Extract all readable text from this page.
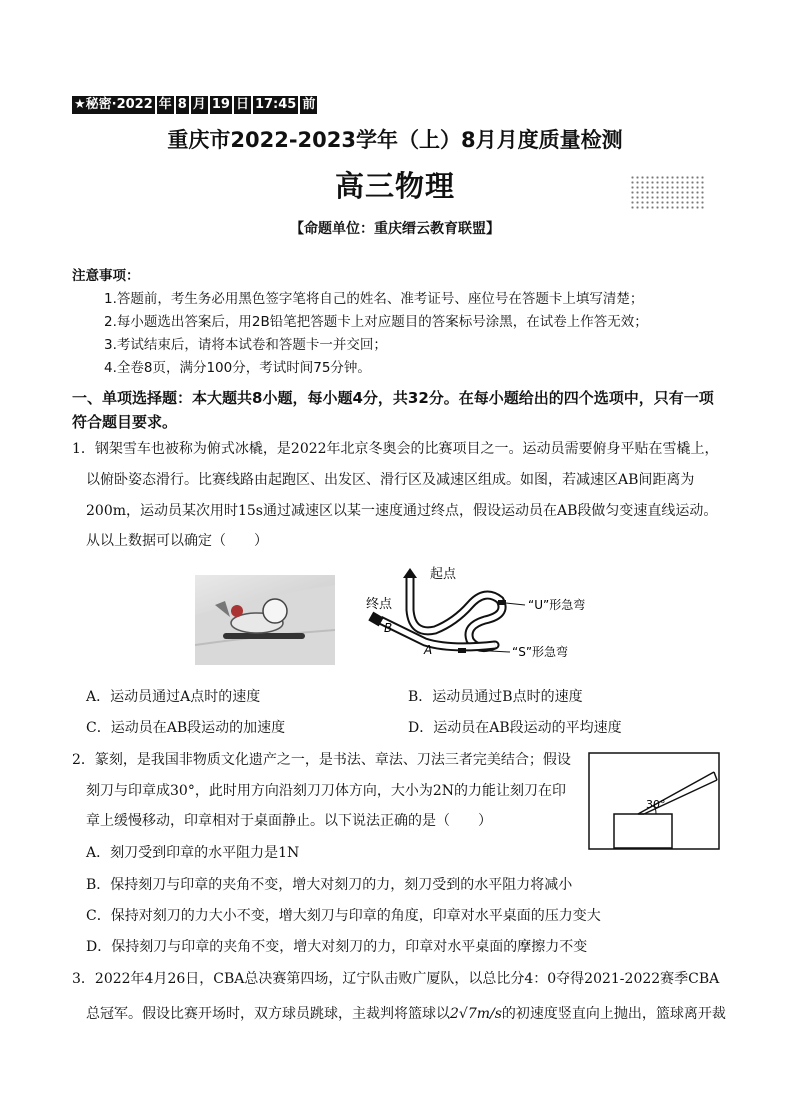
★秘密·2022 年 8 月 19 日 17:45 前
重庆市2022-2023学年（上）8月月度质量检测
高三物理
【命题单位：重庆缙云教育联盟】
注意事项：
1.答题前，考生务必用黑色签字笔将自己的姓名、准考证号、座位号在答题卡上填写清楚；
2.每小题选出答案后，用2B铅笔把答题卡上对应题目的答案标号涂黑，在试卷上作答无效；
3.考试结束后，请将本试卷和答题卡一并交回；
4.全卷8页，满分100分，考试时间75分钟。
一、单项选择题：本大题共8小题，每小题4分，共32分。在每小题给出的四个选项中，只有一项符合题目要求。
1．钢架雪车也被称为俯式冰橇，是2022年北京冬奥会的比赛项目之一。运动员需要俯身平贴在雪橇上，
以俯卧姿态滑行。比赛线路由起跑区、出发区、滑行区及减速区组成。如图，若减速区AB间距离为
200m，运动员某次用时15s通过减速区以某一速度通过终点，假设运动员在AB段做匀变速直线运动。
从以上数据可以确定（　　）
起点
终点	“U”形急弯
“S”形急弯
A
B
A．运动员通过A点时的速度	B．运动员通过B点时的速度
C．运动员在AB段运动的加速度	D．运动员在AB段运动的平均速度
2．篆刻，是我国非物质文化遗产之一，是书法、章法、刀法三者完美结合；假设
刻刀与印章成30°，此时用方向沿刻刀刀体方向，大小为2N的力能让刻刀在印
章上缓慢移动，印章相对于桌面静止。以下说法正确的是（　　）
30°
A．刻刀受到印章的水平阻力是1N
B．保持刻刀与印章的夹角不变，增大对刻刀的力，刻刀受到的水平阻力将减小
C．保持对刻刀的力大小不变，增大刻刀与印章的角度，印章对水平桌面的压力变大
D．保持刻刀与印章的夹角不变，增大对刻刀的力，印章对水平桌面的摩擦力不变
3．2022年4月26日，CBA总决赛第四场，辽宁队击败广厦队，以总比分4：0夺得2021-2022赛季CBA
总冠军。假设比赛开场时，双方球员跳球，主裁判将篮球以2√7m/s的初速度竖直向上抛出，篮球离开裁
